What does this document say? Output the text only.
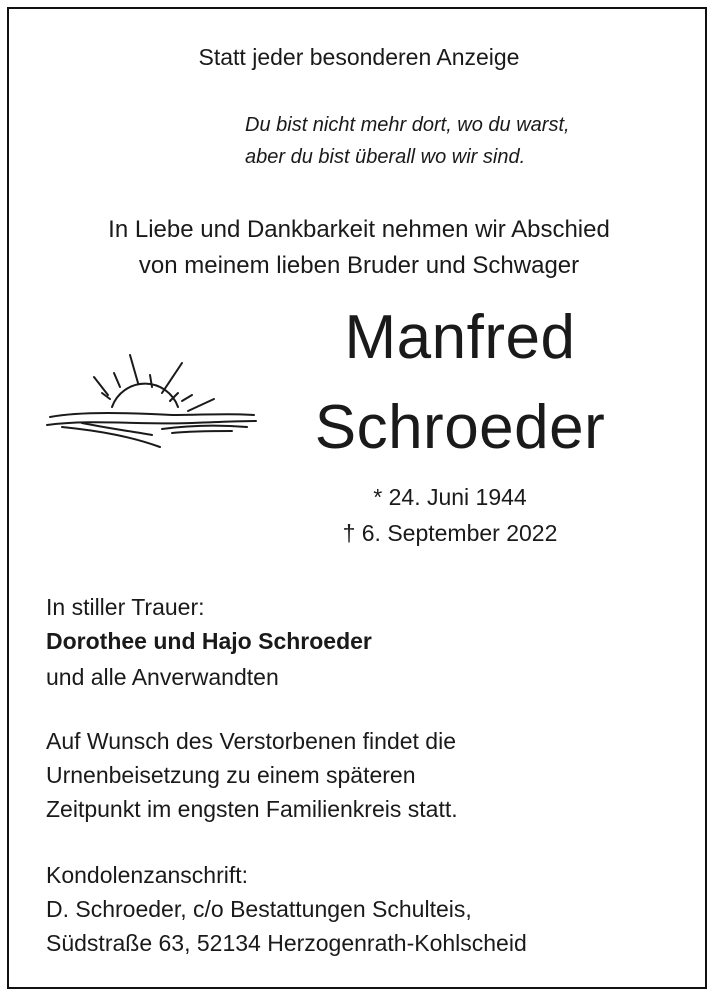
Statt jeder besonderen Anzeige
Du bist nicht mehr dort, wo du warst,
aber du bist überall wo wir sind.
In Liebe und Dankbarkeit nehmen wir Abschied
von meinem lieben Bruder und Schwager
Manfred
Schroeder
* 24. Juni 1944
† 6. September 2022
In stiller Trauer:
Dorothee und Hajo Schroeder
und alle Anverwandten
Auf Wunsch des Verstorbenen findet die
Urnenbeisetzung zu einem späteren
Zeitpunkt im engsten Familienkreis statt.
Kondolenzanschrift:
D. Schroeder, c/o Bestattungen Schulteis,
Südstraße 63, 52134 Herzogenrath-Kohlscheid
